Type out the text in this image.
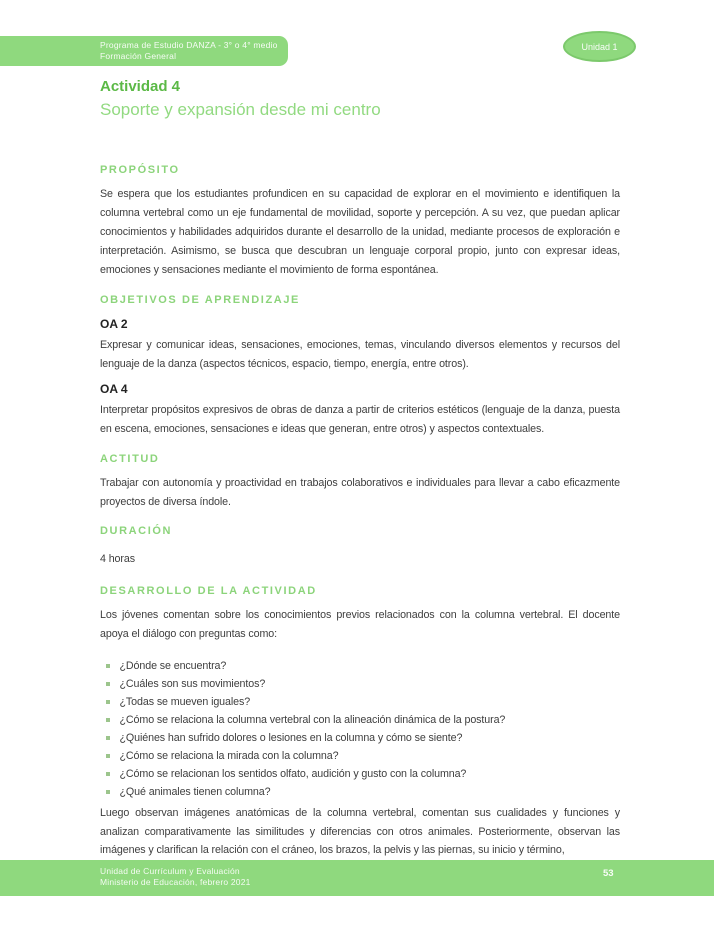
Programa de Estudio DANZA - 3° o 4° medio
Formación General
Unidad 1
Actividad 4
Soporte y expansión desde mi centro
PROPÓSITO
Se espera que los estudiantes profundicen en su capacidad de explorar en el movimiento e identifiquen la columna vertebral como un eje fundamental de movilidad, soporte y percepción. A su vez, que puedan aplicar conocimientos y habilidades adquiridos durante el desarrollo de la unidad, mediante procesos de exploración e interpretación. Asimismo, se busca que descubran un lenguaje corporal propio, junto con expresar ideas, emociones y sensaciones mediante el movimiento de forma espontánea.
OBJETIVOS DE APRENDIZAJE
OA 2
Expresar y comunicar ideas, sensaciones, emociones, temas, vinculando diversos elementos y recursos del lenguaje de la danza (aspectos técnicos, espacio, tiempo, energía, entre otros).
OA 4
Interpretar propósitos expresivos de obras de danza a partir de criterios estéticos (lenguaje de la danza, puesta en escena, emociones, sensaciones e ideas que generan, entre otros) y aspectos contextuales.
ACTITUD
Trabajar con autonomía y proactividad en trabajos colaborativos e individuales para llevar a cabo eficazmente proyectos de diversa índole.
DURACIÓN
4 horas
DESARROLLO DE LA ACTIVIDAD
Los jóvenes comentan sobre los conocimientos previos relacionados con la columna vertebral. El docente apoya el diálogo con preguntas como:
¿Dónde se encuentra?
¿Cuáles son sus movimientos?
¿Todas se mueven iguales?
¿Cómo se relaciona la columna vertebral con la alineación dinámica de la postura?
¿Quiénes han sufrido dolores o lesiones en la columna y cómo se siente?
¿Cómo se relaciona la mirada con la columna?
¿Cómo se relacionan los sentidos olfato, audición y gusto con la columna?
¿Qué animales tienen columna?
Luego observan imágenes anatómicas de la columna vertebral, comentan sus cualidades y funciones y analizan comparativamente las similitudes y diferencias con otros animales. Posteriormente, observan las imágenes y clarifican la relación con el cráneo, los brazos, la pelvis y las piernas, su inicio y término,
Unidad de Currículum y Evaluación
Ministerio de Educación, febrero 2021
53
